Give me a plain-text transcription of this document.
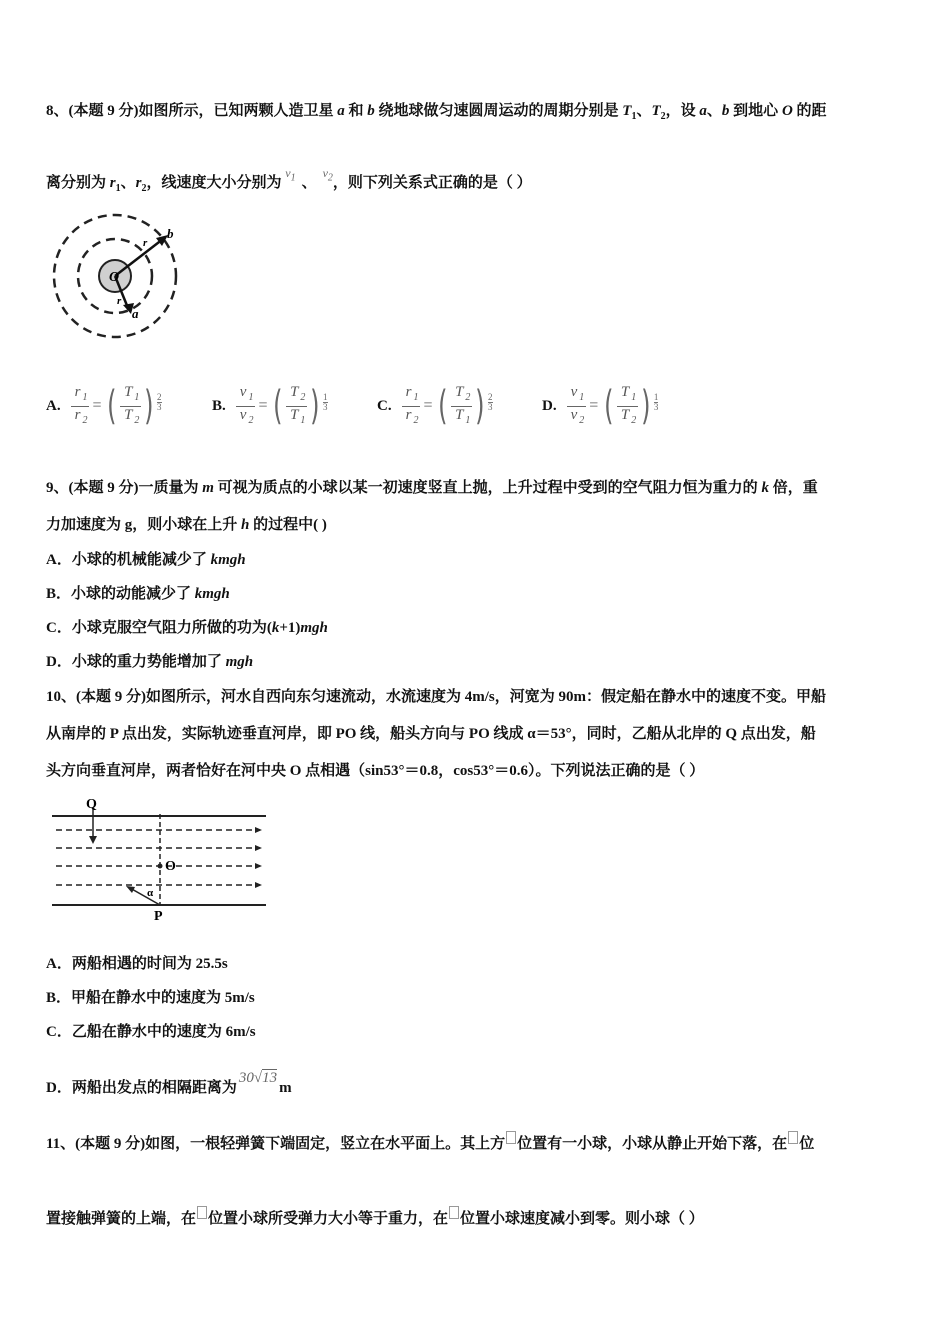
8、(本题 9 分)如图所示，已知两颗人造卫星 a 和 b 绕地球做匀速圆周运动的周期分别是 $T_1$、$T_2$，设 a、b 到地心 O 的距
离分别为 $r_1$、$r_2$，线速度大小分别为 $^{v_1}$ 、$^{v_2}$，则下列关系式正确的是（ ）
O
a
b
r
r
A. $\frac{r _1}{r _2}$ = ( $\frac{T _1}{T _2}$ ) 2
3	B. $\frac{v _1}{v _2}$ = ( $\frac{T _2}{T _1}$ ) 1
3	C. $\frac{r _1}{r _2}$ = ( $\frac{T _2}{T _1}$ ) 2
3	D. $\frac{v _1}{v _2}$ = ( $\frac{T _1}{T _2}$ ) 1
3
9、(本题 9 分)一质量为 m 可视为质点的小球以某一初速度竖直上抛，上升过程中受到的空气阻力恒为重力的 k 倍，重
力加速度为 g，则小球在上升 h 的过程中( )
A．小球的机械能减少了 kmgh
B．小球的动能减少了 kmgh
C．小球克服空气阻力所做的功为(k+1)mgh
D．小球的重力势能增加了 mgh
10、(本题 9 分)如图所示，河水自西向东匀速流动，水流速度为 4m/s，河宽为 90m：假定船在静水中的速度不变。甲船
从南岸的 P 点出发，实际轨迹垂直河岸，即 PO 线，船头方向与 PO 线成 α＝53°，同时，乙船从北岸的 Q 点出发，船
头方向垂直河岸，两者恰好在河中央 O 点相遇（sin53°＝0.8，cos53°＝0.6）。下列说法正确的是（ ）
Q
O
P
α
A．两船相遇的时间为 25.5s
B．甲船在静水中的速度为 5m/s
C．乙船在静水中的速度为 6m/s
D．两船出发点的相隔距离为30√13m
11、(本题 9 分)如图，一根轻弹簧下端固定，竖立在水平面上。其上方 位置有一小球，小球从静止开始下落，在 位
置接触弹簧的上端，在 位置小球所受弹力大小等于重力，在 位置小球速度减小到零。则小球（ ）
